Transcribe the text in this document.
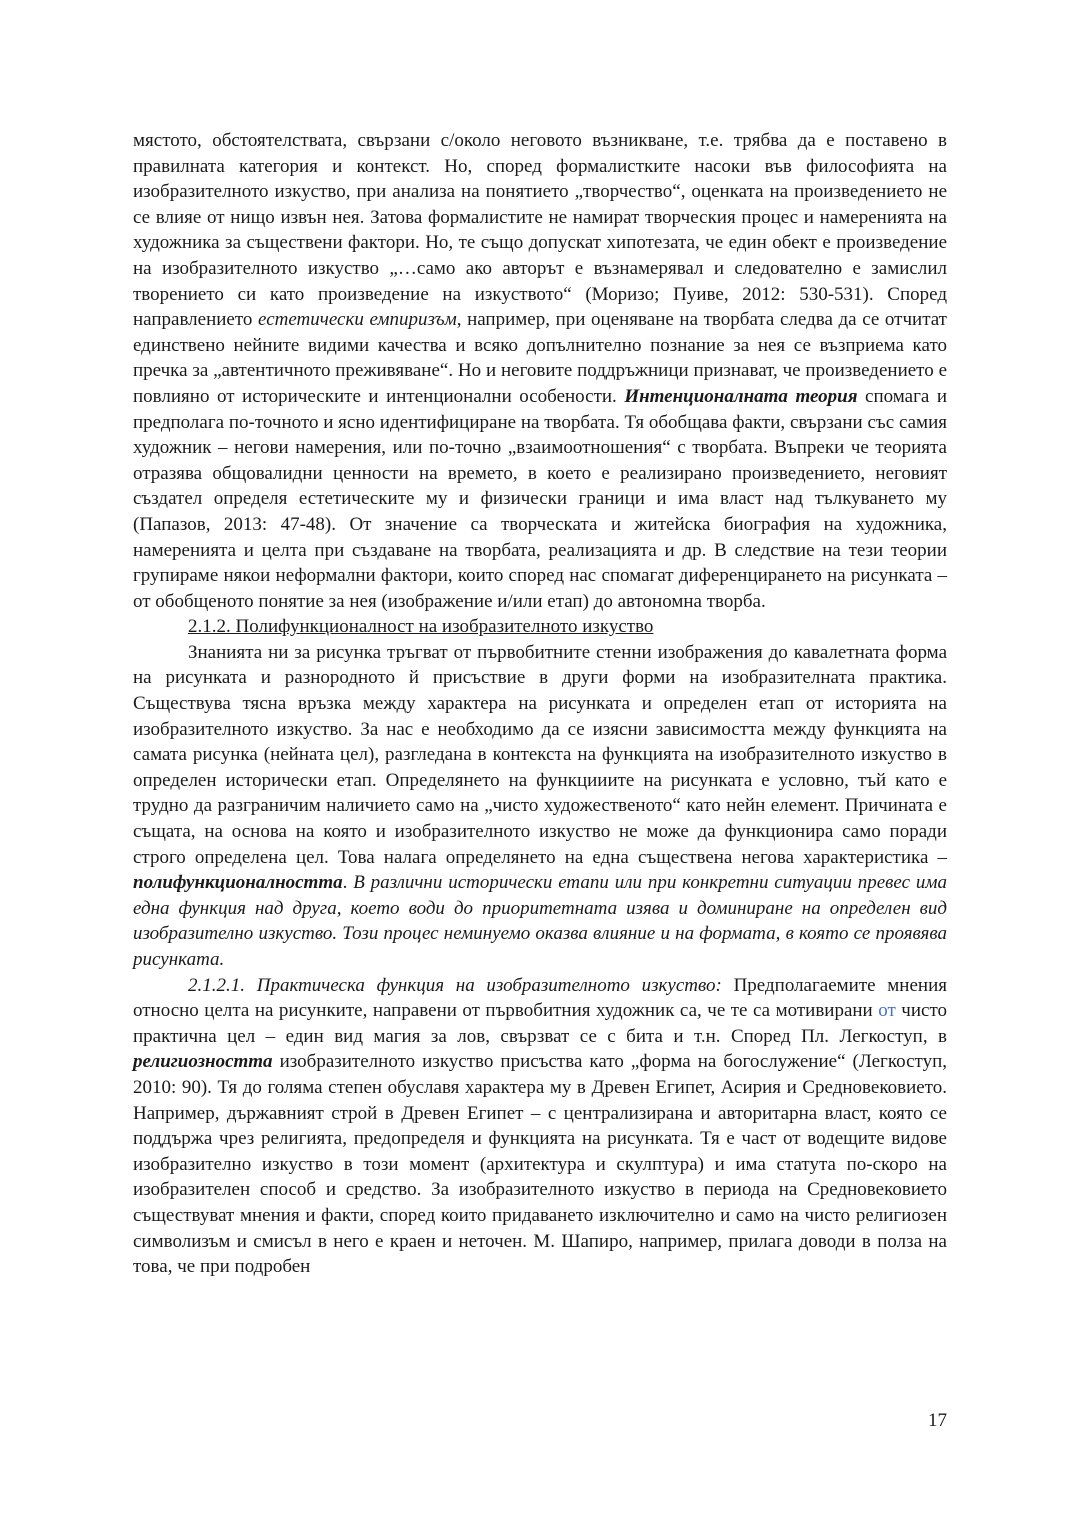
мястото, обстоятелствата, свързани с/около неговото възникване, т.е. трябва да е поставено в правилната категория и контекст. Но, според формалистките насоки във философията на изобразителното изкуство, при анализа на понятието „творчество“, оценката на произведението не се влияе от нищо извън нея. Затова формалистите не намират творческия процес и намеренията на художника за съществени фактори. Но, те също допускат хипотезата, че един обект е произведение на изобразителното изкуство „…само ако авторът е възнамерявал и следователно е замислил творението си като произведение на изкуството“ (Моризо; Пуиве, 2012: 530-531). Според направлението естетически емпиризъм, например, при оценяване на творбата следва да се отчитат единствено нейните видими качества и всяко допълнително познание за нея се възприема като пречка за „автентичното преживяване“. Но и неговите поддръжници признават, че произведението е повлияно от историческите и интенционални особености. Интенционалната теория спомага и предполага по-точното и ясно идентифициране на творбата. Тя обобщава факти, свързани със самия художник – негови намерения, или по-точно „взаимоотношения“ с творбата. Въпреки че теорията отразява общовалидни ценности на времето, в което е реализирано произведението, неговият създател определя естетическите му и физически граници и има власт над тълкуването му (Папазов, 2013: 47-48). От значение са творческата и житейска биография на художника, намеренията и целта при създаване на творбата, реализацията и др. В следствие на тези теории групираме някои неформални фактори, които според нас спомагат диференцирането на рисунката – от обобщеното понятие за нея (изображение и/или етап) до автономна творба.

2.1.2. Полифункционалност на изобразителното изкуство

Знанията ни за рисунка тръгват от първобитните стенни изображения до кавалетната форма на рисунката и разнородното й присъствие в други форми на изобразителната практика. Съществува тясна връзка между характера на рисунката и определен етап от историята на изобразителното изкуство. За нас е необходимо да се изясни зависимостта между функцията на самата рисунка (нейната цел), разгледана в контекста на функцията на изобразителното изкуство в определен исторически етап. Определянето на функцииите на рисунката е условно, тъй като е трудно да разграничим наличието само на „чисто художественото“ като нейн елемент. Причината е същата, на основа на която и изобразителното изкуство не може да функционира само поради строго определена цел. Това налага определянето на една съществена негова характеристика – полифункционалността. В различни исторически етапи или при конкретни ситуации превес има една функция над друга, което води до приоритетната изява и доминиране на определен вид изобразително изкуство. Този процес неминуемо оказва влияние и на формата, в която се проявява рисунката.

2.1.2.1. Практическа функция на изобразителното изкуство: Предполагаемите мнения относно целта на рисунките, направени от първобитния художник са, че те са мотивирани от чисто практична цел – един вид магия за лов, свързват се с бита и т.н. Според Пл. Легкоступ, в религиозността изобразителното изкуство присъства като „форма на богослужение“ (Легкоступ, 2010: 90). Тя до голяма степен обуславя характера му в Древен Египет, Асирия и Средновековието. Например, държавният строй в Древен Египет – с централизирана и авторитарна власт, която се поддържа чрез религията, предопределя и функцията на рисунката. Тя е част от водещите видове изобразително изкуство в този момент (архитектура и скулптура) и има статута по-скоро на изобразителен способ и средство. За изобразителното изкуство в периода на Средновековието съществуват мнения и факти, според които придаването изключително и само на чисто религиозен символизъм и смисъл в него е краен и неточен. М. Шапиро, например, прилага доводи в полза на това, че при подробен

17
